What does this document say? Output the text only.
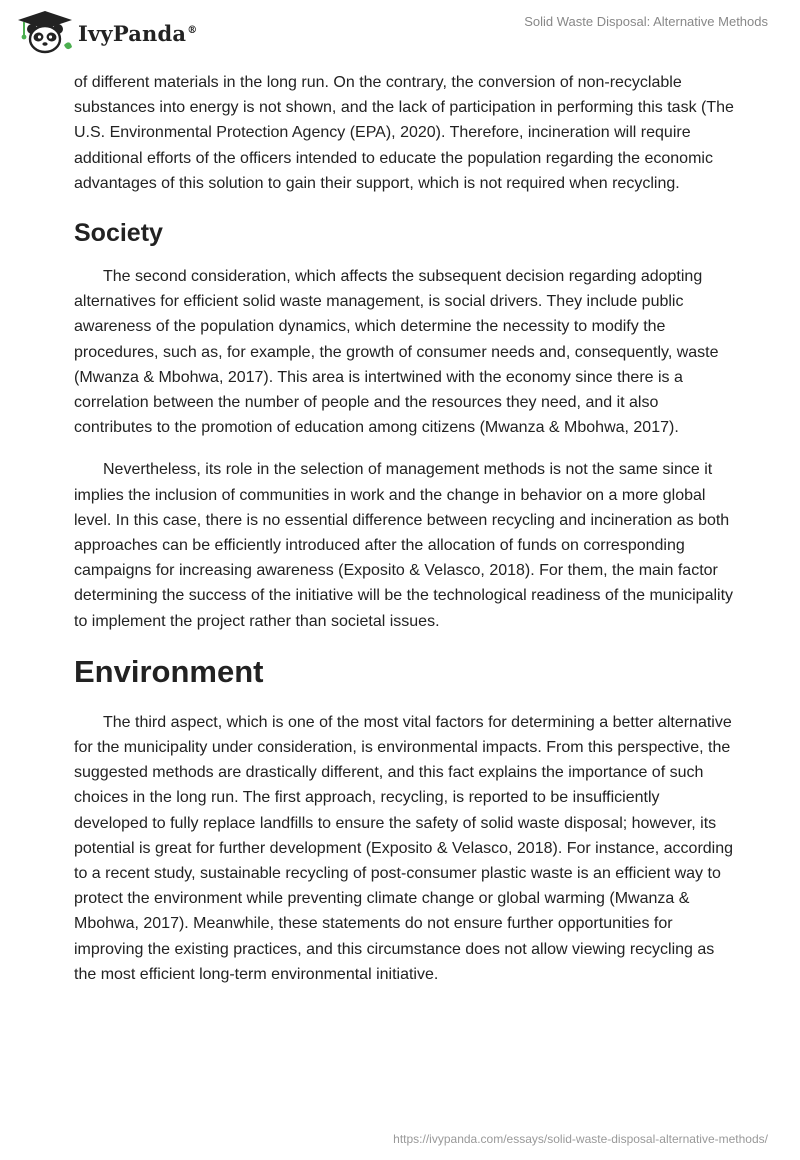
IvyPanda®
Solid Waste Disposal: Alternative Methods

of different materials in the long run. On the contrary, the conversion of non-recyclable substances into energy is not shown, and the lack of participation in performing this task (The U.S. Environmental Protection Agency (EPA), 2020). Therefore, incineration will require additional efforts of the officers intended to educate the population regarding the economic advantages of this solution to gain their support, which is not required when recycling.

Society

The second consideration, which affects the subsequent decision regarding adopting alternatives for efficient solid waste management, is social drivers. They include public awareness of the population dynamics, which determine the necessity to modify the procedures, such as, for example, the growth of consumer needs and, consequently, waste (Mwanza & Mbohwa, 2017). This area is intertwined with the economy since there is a correlation between the number of people and the resources they need, and it also contributes to the promotion of education among citizens (Mwanza & Mbohwa, 2017).

Nevertheless, its role in the selection of management methods is not the same since it implies the inclusion of communities in work and the change in behavior on a more global level. In this case, there is no essential difference between recycling and incineration as both approaches can be efficiently introduced after the allocation of funds on corresponding campaigns for increasing awareness (Exposito & Velasco, 2018). For them, the main factor determining the success of the initiative will be the technological readiness of the municipality to implement the project rather than societal issues.

Environment

The third aspect, which is one of the most vital factors for determining a better alternative for the municipality under consideration, is environmental impacts. From this perspective, the suggested methods are drastically different, and this fact explains the importance of such choices in the long run. The first approach, recycling, is reported to be insufficiently developed to fully replace landfills to ensure the safety of solid waste disposal; however, its potential is great for further development (Exposito & Velasco, 2018). For instance, according to a recent study, sustainable recycling of post-consumer plastic waste is an efficient way to protect the environment while preventing climate change or global warming (Mwanza & Mbohwa, 2017). Meanwhile, these statements do not ensure further opportunities for improving the existing practices, and this circumstance does not allow viewing recycling as the most efficient long-term environmental initiative.

https://ivypanda.com/essays/solid-waste-disposal-alternative-methods/
